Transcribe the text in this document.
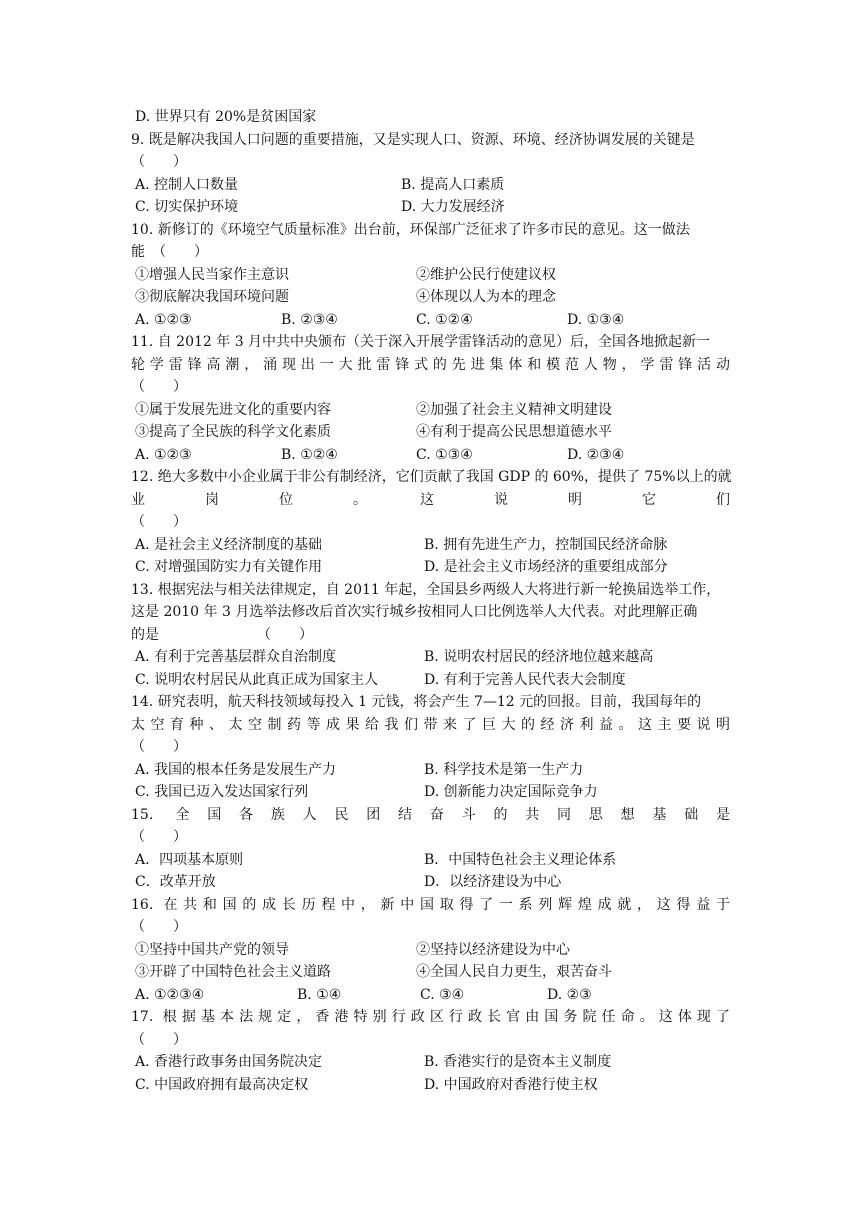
D. 世界只有 20%是贫困国家
9. 既是解决我国人口问题的重要措施，又是实现人口、资源、环境、经济协调发展的关键是
（　　）
A. 控制人口数量	B. 提高人口素质
C. 切实保护环境	D. 大力发展经济
10. 新修订的《环境空气质量标准》出台前，环保部广泛征求了许多市民的意见。这一做法
能　（　　）
①增强人民当家作主意识	②维护公民行使建议权
③彻底解决我国环境问题	④体现以人为本的理念
A. ①②③	B. ②③④	C. ①②④	D. ①③④
11. 自 2012 年 3 月中共中央颁布（关于深入开展学雷锋活动的意见）后，全国各地掀起新一
轮学雷锋高潮，涌现出一大批雷锋式的先进集体和模范人物，学雷锋活动
（　　）
①属于发展先进文化的重要内容	②加强了社会主义精神文明建设
③提高了全民族的科学文化素质	④有利于提高公民思想道德水平
A. ①②③	B. ①②④	C. ①③④	D. ②③④
12. 绝大多数中小企业属于非公有制经济，它们贡献了我国 GDP 的 60%，提供了 75%以上的就
业　岗　位　。　这　说　明　它　们
（　　）
A. 是社会主义经济制度的基础	B. 拥有先进生产力，控制国民经济命脉
C. 对增强国防实力有关键作用	D. 是社会主义市场经济的重要组成部分
13. 根据宪法与相关法律规定，自 2011 年起，全国县乡两级人大将进行新一轮换届选举工作，
这是 2010 年 3 月选举法修改后首次实行城乡按相同人口比例选举人大代表。对此理解正确
的是	（　　）
A. 有利于完善基层群众自治制度	B. 说明农村居民的经济地位越来越高
C. 说明农村居民从此真正成为国家主人	D. 有利于完善人民代表大会制度
14. 研究表明，航天科技领域每投入 1 元钱，将会产生 7—12 元的回报。目前，我国每年的
太空育种、太空制药等成果给我们带来了巨大的经济利益。这主要说明
（　　）
A. 我国的根本任务是发展生产力	B. 科学技术是第一生产力
C. 我国已迈入发达国家行列	D. 创新能力决定国际竞争力
15. 全国各族人民团结奋斗的共同思想基础是
（　　）
A．四项基本原则	B．中国特色社会主义理论体系
C．改革开放	D．以经济建设为中心
16. 在共和国的成长历程中，新中国取得了一系列辉煌成就，这得益于
（　　）
①坚持中国共产党的领导	②坚持以经济建设为中心
③开辟了中国特色社会主义道路	④全国人民自力更生，艰苦奋斗
A. ①②③④	B. ①④	C. ③④	D. ②③
17. 根据基本法规定，香港特别行政区行政长官由国务院任命。这体现了
（　　）
A. 香港行政事务由国务院决定	B. 香港实行的是资本主义制度
C. 中国政府拥有最高决定权	D. 中国政府对香港行使主权
